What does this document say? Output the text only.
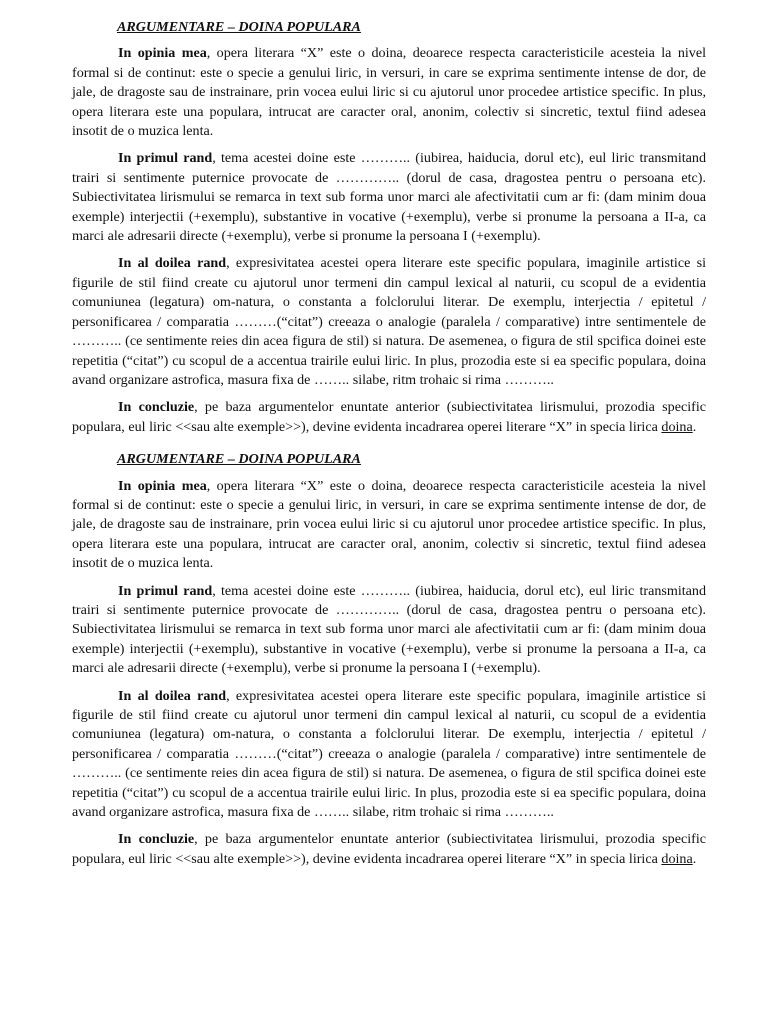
ARGUMENTARE – DOINA POPULARA

In opinia mea, opera literara “X” este o doina, deoarece respecta caracteristicile acesteia la nivel formal si de continut: este o specie a genului liric, in versuri, in care se exprima sentimente intense de dor, de jale, de dragoste sau de instrainare, prin vocea eului liric si cu ajutorul unor procedee artistice specific. In plus, opera literara este una populara, intrucat are caracter oral, anonim, colectiv si sincretic, textul fiind adesea insotit de o muzica lenta.

In primul rand, tema acestei doine este ……….. (iubirea, haiducia, dorul etc), eul liric transmitand trairi si sentimente puternice provocate de ………….. (dorul de casa, dragostea pentru o persoana etc). Subiectivitatea lirismului se remarca in text sub forma unor marci ale afectivitatii cum ar fi: (dam minim doua exemple) interjectii (+exemplu), substantive in vocative (+exemplu), verbe si pronume la persoana a II-a, ca marci ale adresarii directe (+exemplu), verbe si pronume la persoana I (+exemplu).

In al doilea rand, expresivitatea acestei opera literare este specific populara, imaginile artistice si figurile de stil fiind create cu ajutorul unor termeni din campul lexical al naturii, cu scopul de a evidentia comuniunea (legatura) om-natura, o constanta a folclorului literar. De exemplu, interjectia / epitetul / personificarea / comparatia ………(“citat”) creeaza o analogie (paralela / comparative) intre sentimentele de ……….. (ce sentimente reies din acea figura de stil) si natura. De asemenea, o figura de stil spcifica doinei este repetitia (“citat”) cu scopul de a accentua trairile eului liric. In plus, prozodia este si ea specific populara, doina avand organizare astrofica, masura fixa de …….. silabe, ritm trohaic si rima ………..

In concluzie, pe baza argumentelor enuntate anterior (subiectivitatea lirismului, prozodia specific populara, eul liric <<sau alte exemple>>), devine evidenta incadrarea operei literare “X” in specia lirica doina.

ARGUMENTARE – DOINA POPULARA

In opinia mea, opera literara “X” este o doina, deoarece respecta caracteristicile acesteia la nivel formal si de continut: este o specie a genului liric, in versuri, in care se exprima sentimente intense de dor, de jale, de dragoste sau de instrainare, prin vocea eului liric si cu ajutorul unor procedee artistice specific. In plus, opera literara este una populara, intrucat are caracter oral, anonim, colectiv si sincretic, textul fiind adesea insotit de o muzica lenta.

In primul rand, tema acestei doine este ……….. (iubirea, haiducia, dorul etc), eul liric transmitand trairi si sentimente puternice provocate de ………….. (dorul de casa, dragostea pentru o persoana etc). Subiectivitatea lirismului se remarca in text sub forma unor marci ale afectivitatii cum ar fi: (dam minim doua exemple) interjectii (+exemplu), substantive in vocative (+exemplu), verbe si pronume la persoana a II-a, ca marci ale adresarii directe (+exemplu), verbe si pronume la persoana I (+exemplu).

In al doilea rand, expresivitatea acestei opera literare este specific populara, imaginile artistice si figurile de stil fiind create cu ajutorul unor termeni din campul lexical al naturii, cu scopul de a evidentia comuniunea (legatura) om-natura, o constanta a folclorului literar. De exemplu, interjectia / epitetul / personificarea / comparatia ………(“citat”) creeaza o analogie (paralela / comparative) intre sentimentele de ……….. (ce sentimente reies din acea figura de stil) si natura. De asemenea, o figura de stil spcifica doinei este repetitia (“citat”) cu scopul de a accentua trairile eului liric. In plus, prozodia este si ea specific populara, doina avand organizare astrofica, masura fixa de …….. silabe, ritm trohaic si rima ………..

In concluzie, pe baza argumentelor enuntate anterior (subiectivitatea lirismului, prozodia specific populara, eul liric <<sau alte exemple>>), devine evidenta incadrarea operei literare “X” in specia lirica doina.
